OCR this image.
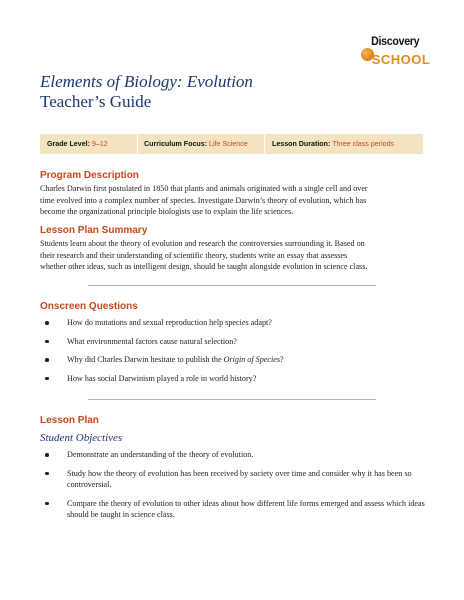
Discovery
SCHOOL
Elements of Biology: Evolution
Teacher’s Guide
Grade Level: 9–12	Curriculum Focus: Life Science	Lesson Duration: Three class periods
Program Description
Charles Darwin first postulated in 1850 that plants and animals originated with a single cell and over
time evolved into a complex number of species. Investigate Darwin’s theory of evolution, which has
become the organizational principle biologists use to explain the life sciences.
Lesson Plan Summary
Students learn about the theory of evolution and research the controversies surrounding it. Based on
their research and their understanding of scientific theory, students write an essay that assesses
whether other ideas, such as intelligent design, should be taught alongside evolution in science class.
Onscreen Questions
How do mutations and sexual reproduction help species adapt?
What environmental factors cause natural selection?
Why did Charles Darwin hesitate to publish the Origin of Species?
How has social Darwinism played a role in world history?
Lesson Plan
Student Objectives
Demonstrate an understanding of the theory of evolution.
Study how the theory of evolution has been received by society over time and consider why it has been so controversial.
Compare the theory of evolution to other ideas about how different life forms emerged and assess which ideas should be taught in science class.
